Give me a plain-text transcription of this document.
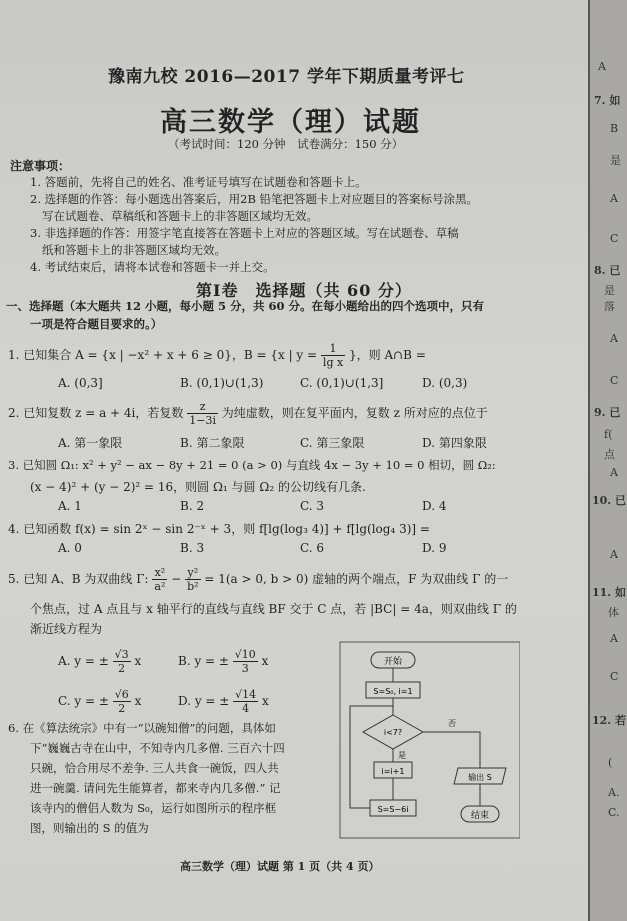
豫南九校 2016—2017 学年下期质量考评七
高三数学（理）试题
（考试时间：120 分钟　试卷满分：150 分）
注意事项：
1. 答题前，先将自己的姓名、准考证号填写在试题卷和答题卡上。
2. 选择题的作答：每小题选出答案后，用2B 铅笔把答题卡上对应题目的答案标号涂黑。
写在试题卷、草稿纸和答题卡上的非答题区域均无效。
3. 非选择题的作答：用签字笔直接答在答题卡上对应的答题区域。写在试题卷、草稿
纸和答题卡上的非答题区域均无效。
4. 考试结束后，请将本试卷和答题卡一并上交。
第Ⅰ卷　选择题（共 60 分）
一、选择题（本大题共 12 小题，每小题 5 分，共 60 分。在每小题给出的四个选项中，只有
一项是符合题目要求的。）
1. 已知集合 A = {x | −x² + x + 6 ≥ 0}，B = {x | $y = \frac{1}{\text{lg x}}$ }，则 A∩B =
A. (0,3]	B. (0,1)∪(1,3)	C. (0,1)∪(1,3]	D. (0,3)
2. 已知复数 z = a + 4i，若复数 $\frac{z}{1-3i}$ 为纯虚数，则在复平面内，复数 z 所对应的点位于
A. 第一象限	B. 第二象限	C. 第三象限	D. 第四象限
3. 已知圆 Ω₁: x² + y² − ax − 8y + 21 = 0 (a > 0) 与直线 4x − 3y + 10 = 0 相切，圆 Ω₂:
(x − 4)² + (y − 2)² = 16，则圆 Ω₁ 与圆 Ω₂ 的公切线有几条.
A. 1	B. 2	C. 3	D. 4
4. 已知函数 f(x) = sin 2ˣ − sin 2⁻ˣ + 3，则 f[lg(log₃ 4)] + f[lg(log₄ 3)] =
A. 0	B. 3	C. 6	D. 9
5. 已知 A、B 为双曲线 Γ: $\frac{\text{x²}}{\text{a²}} - \frac{\text{y²}}{\text{b²}} = 1(a > 0$, b > 0) 虚轴的两个端点，F 为双曲线 Γ 的一
个焦点，过 A 点且与 x 轴平行的直线与直线 BF 交于 C 点，若 |BC| = 4a，则双曲线 Γ 的
渐近线方程为
A. y = ± $\frac{√3}{2}$ x	B. y = ± $\frac{√10}{3}$ x
C. y = ± $\frac{√6}{2}$ x	D. y = ± $\frac{√14}{4}$ x
6. 在《算法统宗》中有一“以碗知僧”的问题，具体如
下“巍巍古寺在山中，不知寺内几多僧. 三百六十四
只碗，恰合用尽不差争. 三人共食一碗饭，四人共
进一碗羹. 请问先生能算者，都来寺内几多僧.” 记
该寺内的僧侣人数为 S₀，运行如图所示的程序框
图，则输出的 S 的值为
开始
S=S₀, i=1
i<7?
否
是
i=i+1
S=S−6i
输出 S
结束
高三数学（理）试题 第 1 页（共 4 页）
A
7. 如
B
是
A
C
8. 已
是
落
A
C
9. 已
f(
点
A
10. 已
A
11. 如
体
A
C
12. 若
(
A.
C.
